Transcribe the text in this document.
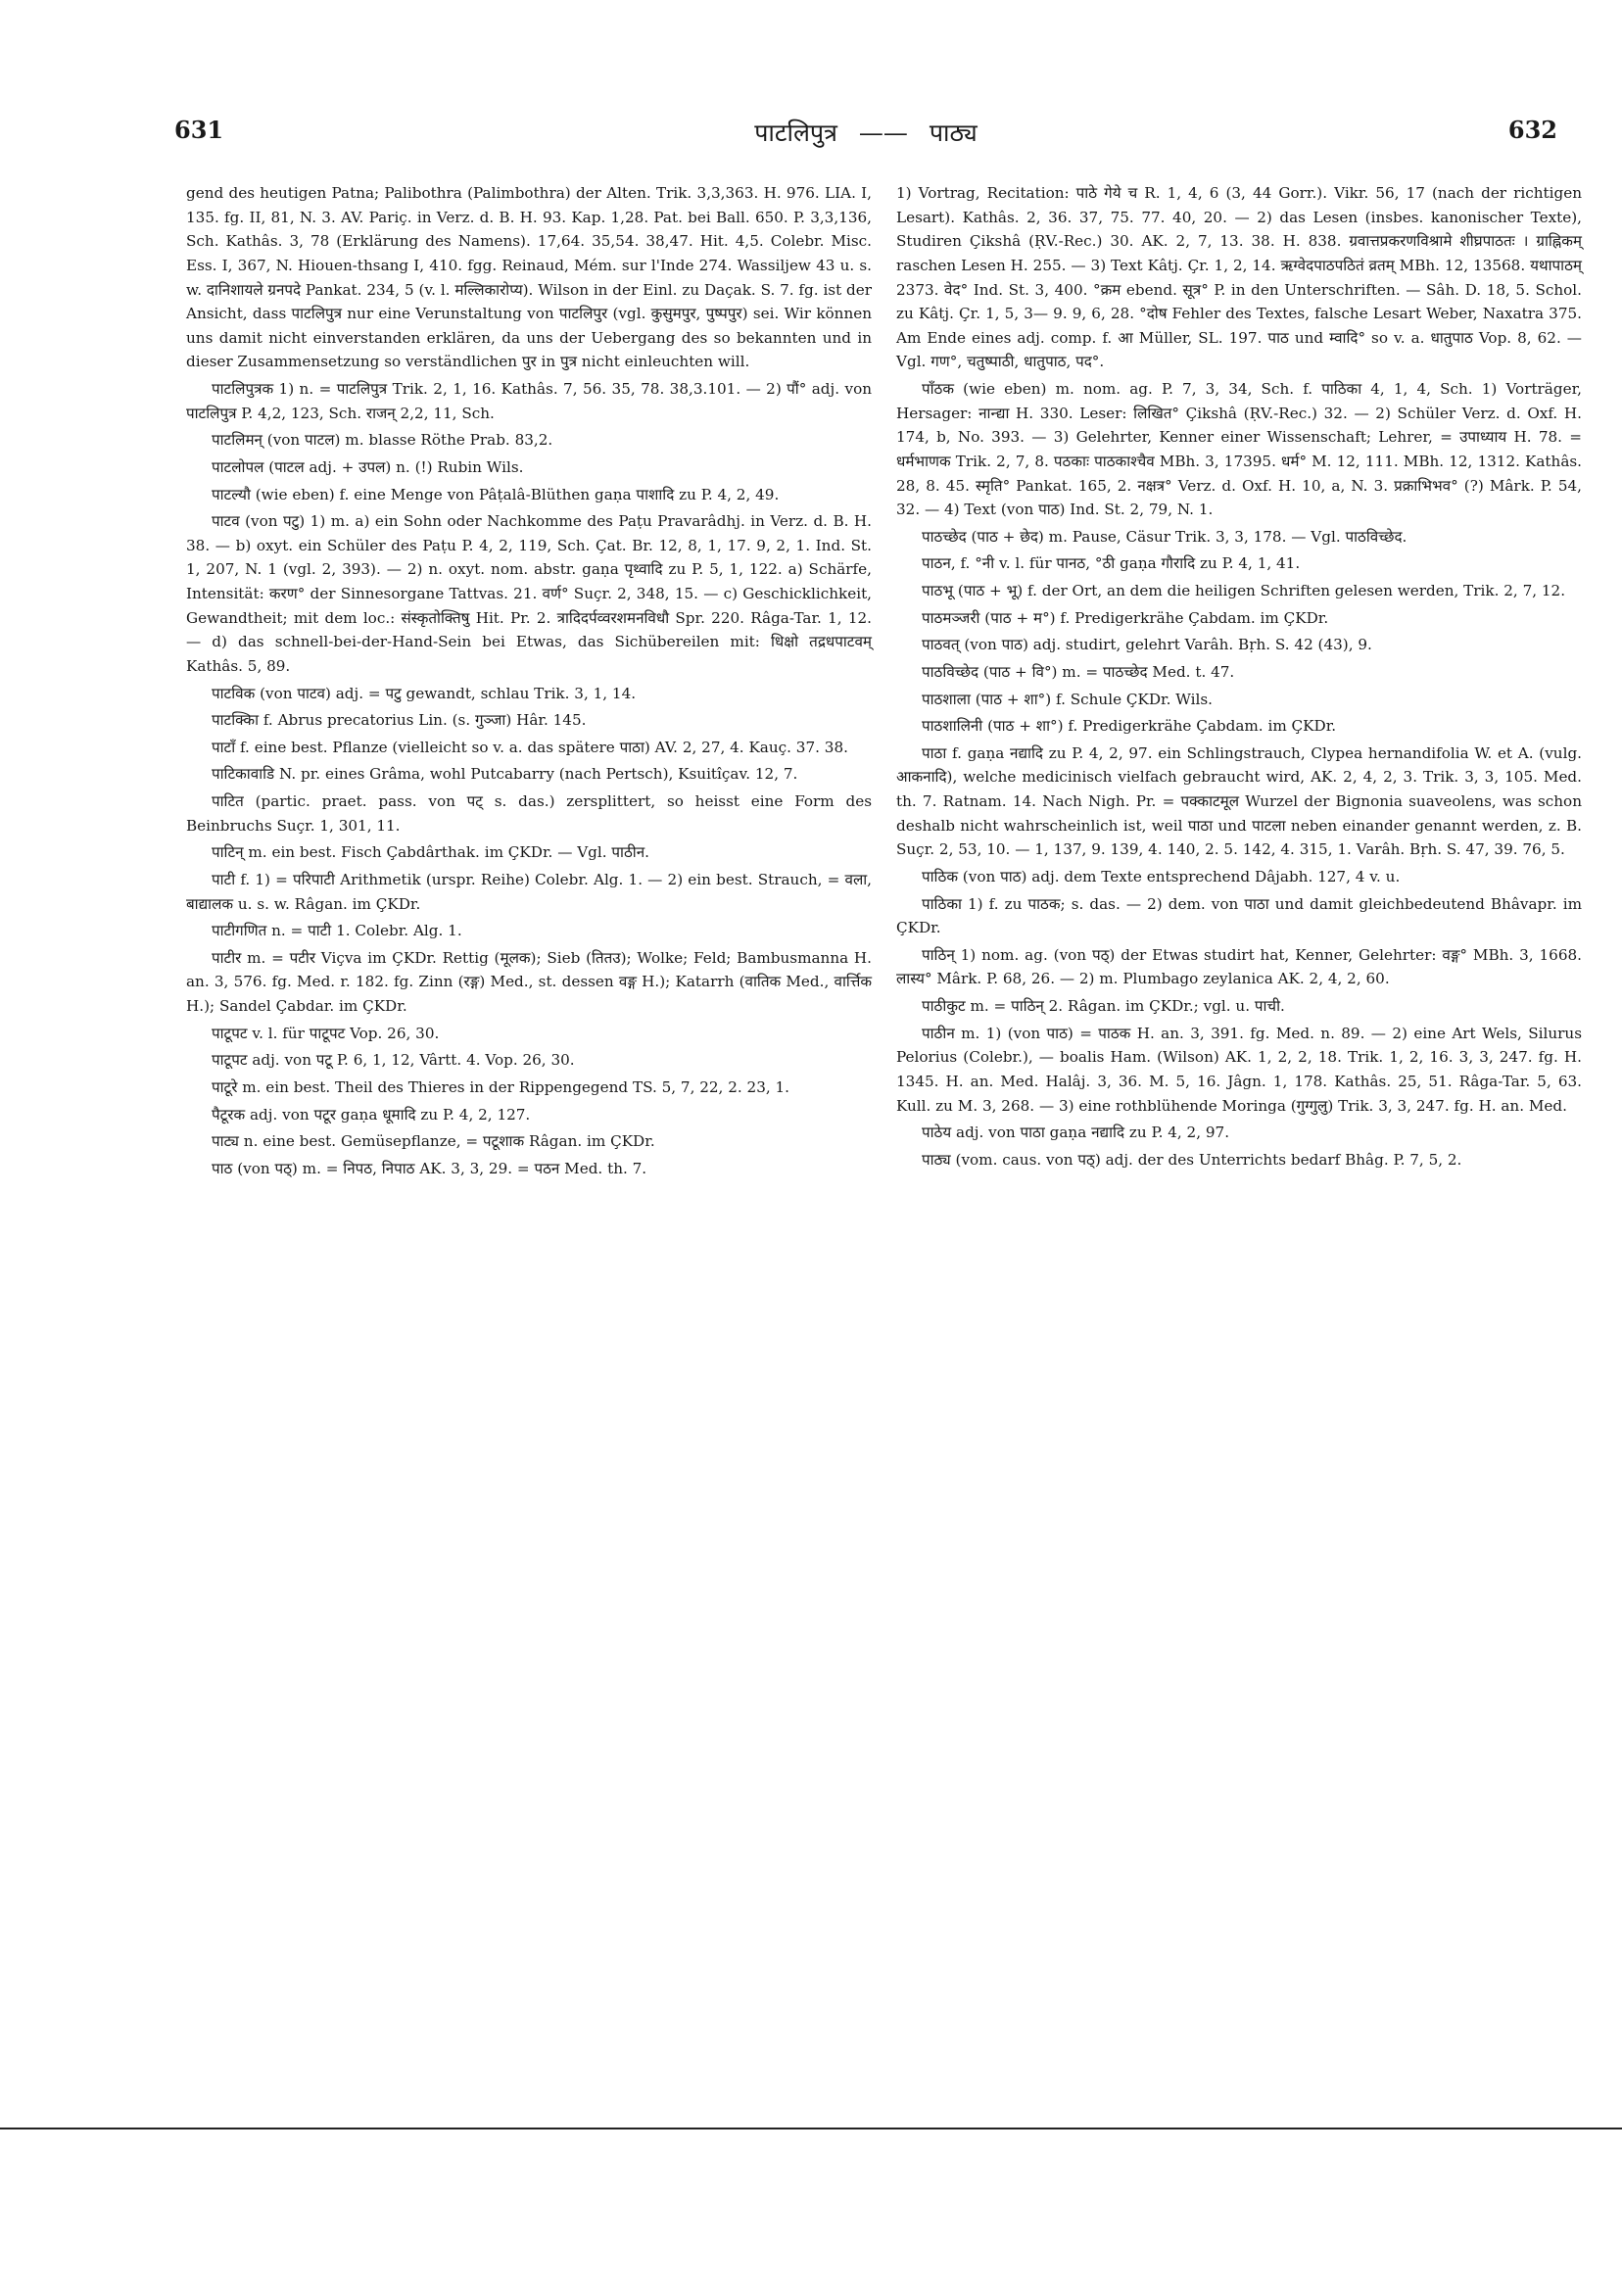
631	पाटलिपुत्र —— पाठ्य	632

gend des heutigen Patna; Palibothra (Palimbothra) der Alten. Trik. 3,3,363. H. 976. LIA. I, 135. fg. II, 81, N. 3. AV. Pariç. in Verz. d. B. H. 93. Kap. 1,28. Pat. bei Ball. 650. P. 3,3,136, Sch. Kathâs. 3, 78 (Erklärung des Namens). 17,64. 35,54. 38,47. Hit. 4,5. Colebr. Misc. Ess. I, 367, N. Hiouen-thsang I, 410. fgg. Reinaud, Mém. sur l'Inde 274. Wassiljew 43 u. s. w. दानिशायले ग्रनपदे Pankat. 234, 5 (v. l. मल्लिकारोप्य). Wilson in der Einl. zu Daçak. S. 7. fg. ist der Ansicht, dass पाटलिपुत्र nur eine Verunstaltung von पाटलिपुर (vgl. कुसुमपुर, पुष्पपुर) sei. Wir können uns damit nicht einverstanden erklären, da uns der Uebergang des so bekannten und in dieser Zusammensetzung so verständlichen पुर in पुत्र nicht einleuchten will.

पाटलिपुत्रक 1) n. = पाटलिपुत्र Trik. 2, 1, 16. Kathâs. 7, 56. 35, 78. 38,3.101. — 2) पौं° adj. von पाटलिपुत्र P. 4,2, 123, Sch. राजन् 2,2, 11, Sch.

पाटलिमन् (von पाटल) m. blasse Röthe Prab. 83,2.

पाटलोपल (पाटल adj. + उपल) n. (!) Rubin Wils.

पाटल्यौ (wie eben) f. eine Menge von Pâṭalâ-Blüthen gaṇa पाशादि zu P. 4, 2, 49.

पाटव (von पटु) 1) m. a) ein Sohn oder Nachkomme des Paṭu Pravarâdhj. in Verz. d. B. H. 38. — b) oxyt. ein Schüler des Paṭu P. 4, 2, 119, Sch. Çat. Br. 12, 8, 1, 17. 9, 2, 1. Ind. St. 1, 207, N. 1 (vgl. 2, 393). — 2) n. oxyt. nom. abstr. gaṇa पृथ्वादि zu P. 5, 1, 122. a) Schärfe, Intensität: करण° der Sinnesorgane Tattvas. 21. वर्ण° Suçr. 2, 348, 15. — c) Geschicklichkeit, Gewandtheit; mit dem loc.: संस्कृतोक्तिषु Hit. Pr. 2. त्रादिदर्पव्वरशमनविधौ Spr. 220. Râga-Tar. 1, 12. — d) das schnell-bei-der-Hand-Sein bei Etwas, das Sichübereilen mit: धिक्षो तद्रधपाटवम् Kathâs. 5, 89.

पाटविक (von पाटव) adj. = पटु gewandt, schlau Trik. 3, 1, 14.

पाटक्किा f. Abrus precatorius Lin. (s. गुञ्जा) Hâr. 145.

पाटाँ f. eine best. Pflanze (vielleicht so v. a. das spätere पाठा) AV. 2, 27, 4. Kauç. 37. 38.

पाटिकावाडि N. pr. eines Grâma, wohl Putcabarry (nach Pertsch), Ksuitîçav. 12, 7.

पाटित (partic. praet. pass. von पट् s. das.) zersplittert, so heisst eine Form des Beinbruchs Suçr. 1, 301, 11.

पाटिन् m. ein best. Fisch Çabdârthak. im ÇKDr. — Vgl. पाठीन.

पाटी f. 1) = परिपाटी Arithmetik (urspr. Reihe) Colebr. Alg. 1. — 2) ein best. Strauch, = वला, बाद्यालक u. s. w. Râgan. im ÇKDr.

पाटीगणित n. = पाटी 1. Colebr. Alg. 1.

पाटीर m. = पटीर Viçva im ÇKDr. Rettig (मूलक); Sieb (तितउ); Wolke; Feld; Bambusmanna H. an. 3, 576. fg. Med. r. 182. fg. Zinn (रङ्ग) Med., st. dessen वङ्ग H.); Katarrh (वातिक Med., वार्त्तिक H.); Sandel Çabdar. im ÇKDr.

पाटूपट v. l. für पाटूपट Vop. 26, 30.

पाटूपट adj. von पटू P. 6, 1, 12, Vârtt. 4. Vop. 26, 30.

पाटूरे m. ein best. Theil des Thieres in der Rippengegend TS. 5, 7, 22, 2. 23, 1.

पैटूरक adj. von पटूर gaṇa धूमादि zu P. 4, 2, 127.

पाट्य n. eine best. Gemüsepflanze, = पटूशाक Râgan. im ÇKDr.

पाठ (von पठ्) m. = निपठ, निपाठ AK. 3, 3, 29. = पठन Med. th. 7.

1) Vortrag, Recitation: पाठे गेये च R. 1, 4, 6 (3, 44 Gorr.). Vikr. 56, 17 (nach der richtigen Lesart). Kathâs. 2, 36. 37, 75. 77. 40, 20. — 2) das Lesen (insbes. kanonischer Texte), Studiren Çikshâ (ṚV.-Rec.) 30. AK. 2, 7, 13. 38. H. 838. ग्रवात्तप्रकरणविश्रामे शीघ्रपाठतः । ग्राह्निकम् raschen Lesen H. 255. — 3) Text Kâtj. Çr. 1, 2, 14. ऋग्वेदपाठपठितं व्रतम् MBh. 12, 13568. यथापाठम् 2373. वेद° Ind. St. 3, 400. °क्रम ebend. सूत्र° P. in den Unterschriften. — Sâh. D. 18, 5. Schol. zu Kâtj. Çr. 1, 5, 3— 9. 9, 6, 28. °दोष Fehler des Textes, falsche Lesart Weber, Naxatra 375. Am Ende eines adj. comp. f. आ Müller, SL. 197. पाठ und म्वादि° so v. a. धातुपाठ Vop. 8, 62. — Vgl. गण°, चतुष्पाठी, धातुपाठ, पद°.

पाँठक (wie eben) m. nom. ag. P. 7, 3, 34, Sch. f. पाठिका 4, 1, 4, Sch. 1) Vorträger, Hersager: नान्द्या H. 330. Leser: लिखित° Çikshâ (ṚV.-Rec.) 32. — 2) Schüler Verz. d. Oxf. H. 174, b, No. 393. — 3) Gelehrter, Kenner einer Wissenschaft; Lehrer, = उपाध्याय H. 78. = धर्मभाणक Trik. 2, 7, 8. पठकाः पाठकाश्चैव MBh. 3, 17395. धर्म° M. 12, 111. MBh. 12, 1312. Kathâs. 28, 8. 45. स्मृति° Pankat. 165, 2. नक्षत्र° Verz. d. Oxf. H. 10, a, N. 3. प्रक्राभिभव° (?) Mârk. P. 54, 32. — 4) Text (von पाठ) Ind. St. 2, 79, N. 1.

पाठच्छेद (पाठ + छेद) m. Pause, Cäsur Trik. 3, 3, 178. — Vgl. पाठविच्छेद.

पाठन, f. °नी v. l. für पानठ, °ठी gaṇa गौरादि zu P. 4, 1, 41.

पाठभू (पाठ + भू) f. der Ort, an dem die heiligen Schriften gelesen werden, Trik. 2, 7, 12.

पाठमञ्जरी (पाठ + म°) f. Predigerkrähe Çabdam. im ÇKDr.

पाठवत् (von पाठ) adj. studirt, gelehrt Varâh. Bṛh. S. 42 (43), 9.

पाठविच्छेद (पाठ + वि°) m. = पाठच्छेद Med. t. 47.

पाठशाला (पाठ + शा°) f. Schule ÇKDr. Wils.

पाठशालिनी (पाठ + शा°) f. Predigerkrähe Çabdam. im ÇKDr.

पाठा f. gaṇa नद्यादि zu P. 4, 2, 97. ein Schlingstrauch, Clypea hernandifolia W. et A. (vulg. आकनादि), welche medicinisch vielfach gebraucht wird, AK. 2, 4, 2, 3. Trik. 3, 3, 105. Med. th. 7. Ratnam. 14. Nach Nigh. Pr. = पक्काटमूल Wurzel der Bignonia suaveolens, was schon deshalb nicht wahrscheinlich ist, weil पाठा und पाटला neben einander genannt werden, z. B. Suçr. 2, 53, 10. — 1, 137, 9. 139, 4. 140, 2. 5. 142, 4. 315, 1. Varâh. Bṛh. S. 47, 39. 76, 5.

पाठिक (von पाठ) adj. dem Texte entsprechend Dâjabh. 127, 4 v. u.

पाठिका 1) f. zu पाठक; s. das. — 2) dem. von पाठा und damit gleichbedeutend Bhâvapr. im ÇKDr.

पाठिन् 1) nom. ag. (von पठ्) der Etwas studirt hat, Kenner, Gelehrter: वङ्ग° MBh. 3, 1668. लास्य° Mârk. P. 68, 26. — 2) m. Plumbago zeylanica AK. 2, 4, 2, 60.

पाठीकुट m. = पाठिन् 2. Râgan. im ÇKDr.; vgl. u. पाची.

पाठीन m. 1) (von पाठ) = पाठक H. an. 3, 391. fg. Med. n. 89. — 2) eine Art Wels, Silurus Pelorius (Colebr.), — boalis Ham. (Wilson) AK. 1, 2, 2, 18. Trik. 1, 2, 16. 3, 3, 247. fg. H. 1345. H. an. Med. Halâj. 3, 36. M. 5, 16. Jâgn. 1, 178. Kathâs. 25, 51. Râga-Tar. 5, 63. Kull. zu M. 3, 268. — 3) eine rothblühende Moringa (गुग्गुलु) Trik. 3, 3, 247. fg. H. an. Med.

पाठेय adj. von पाठा gaṇa नद्यादि zu P. 4, 2, 97.

पाठ्य (vom. caus. von पठ्) adj. der des Unterrichts bedarf Bhâg. P. 7, 5, 2.
